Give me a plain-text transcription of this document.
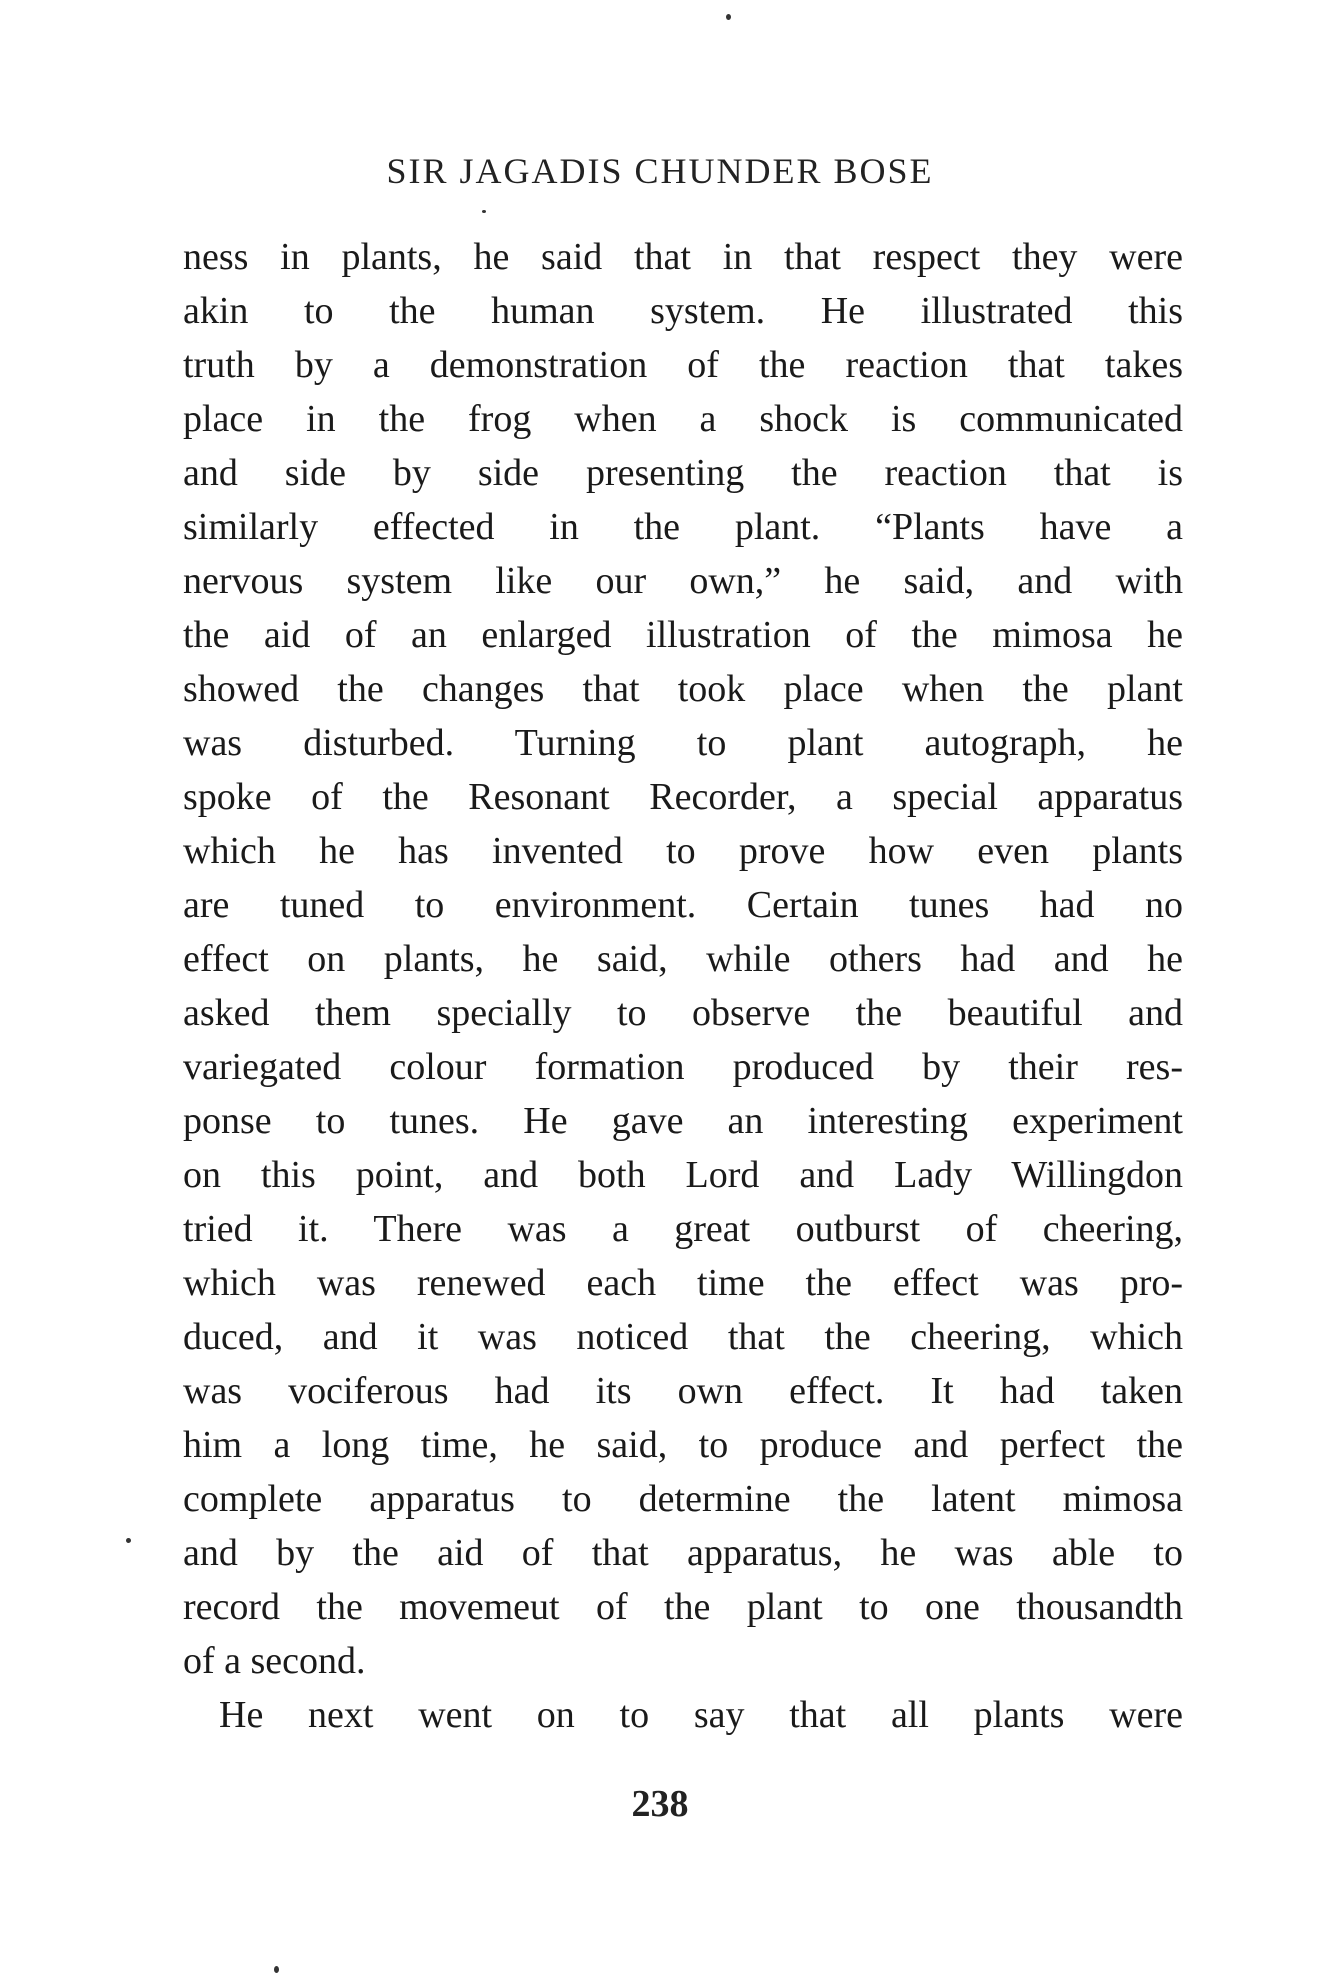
SIR JAGADIS CHUNDER BOSE
ness in plants, he said that in that respect they were
akin to the human system. He illustrated this
truth by a demonstration of the reaction that takes
place in the frog when a shock is communicated
and side by side presenting the reaction that is
similarly effected in the plant. “Plants have a
nervous system like our own,” he said, and with
the aid of an enlarged illustration of the mimosa he
showed the changes that took place when the plant
was disturbed. Turning to plant autograph, he
spoke of the Resonant Recorder, a special apparatus
which he has invented to prove how even plants
are tuned to environment. Certain tunes had no
effect on plants, he said, while others had and he
asked them specially to observe the beautiful and
variegated colour formation produced by their res-
ponse to tunes. He gave an interesting experiment
on this point, and both Lord and Lady Willingdon
tried it. There was a great outburst of cheering,
which was renewed each time the effect was pro-
duced, and it was noticed that the cheering, which
was vociferous had its own effect. It had taken
him a long time, he said, to produce and perfect the
complete apparatus to determine the latent mimosa
and by the aid of that apparatus, he was able to
record the movemeut of the plant to one thousandth
of a second.
He next went on to say that all plants were
238
